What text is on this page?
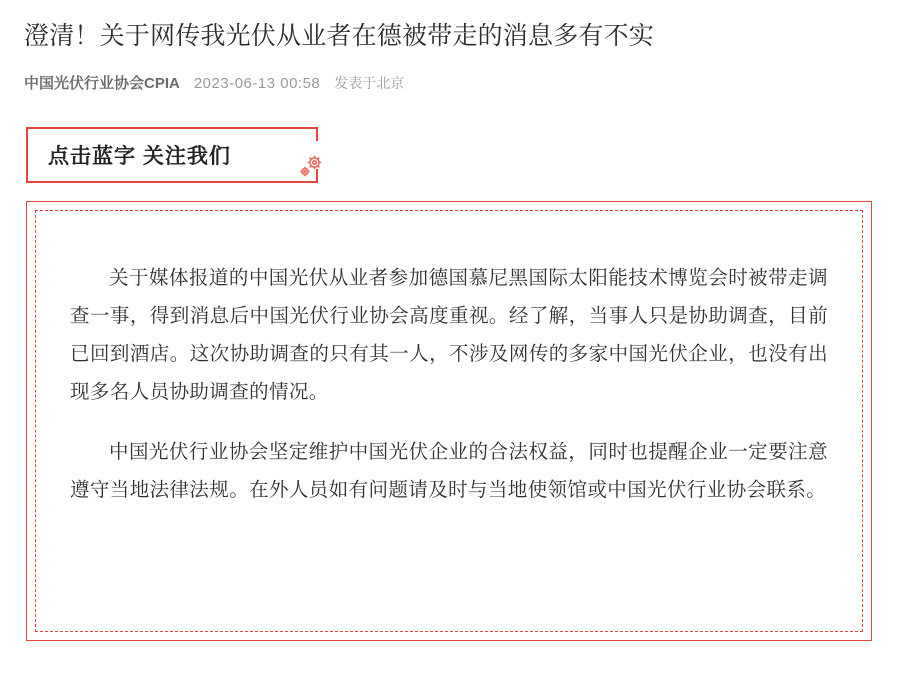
澄清！关于网传我光伏从业者在德被带走的消息多有不实
中国光伏行业协会CPIA 2023-06-13 00:58 发表于北京
点击蓝字 关注我们

关于媒体报道的中国光伏从业者参加德国慕尼黑国际太阳能技术博览会时被带走调查一事，得到消息后中国光伏行业协会高度重视。经了解，当事人只是协助调查，目前已回到酒店。这次协助调查的只有其一人，不涉及网传的多家中国光伏企业，也没有出现多名人员协助调查的情况。

中国光伏行业协会坚定维护中国光伏企业的合法权益，同时也提醒企业一定要注意遵守当地法律法规。在外人员如有问题请及时与当地使领馆或中国光伏行业协会联系。
